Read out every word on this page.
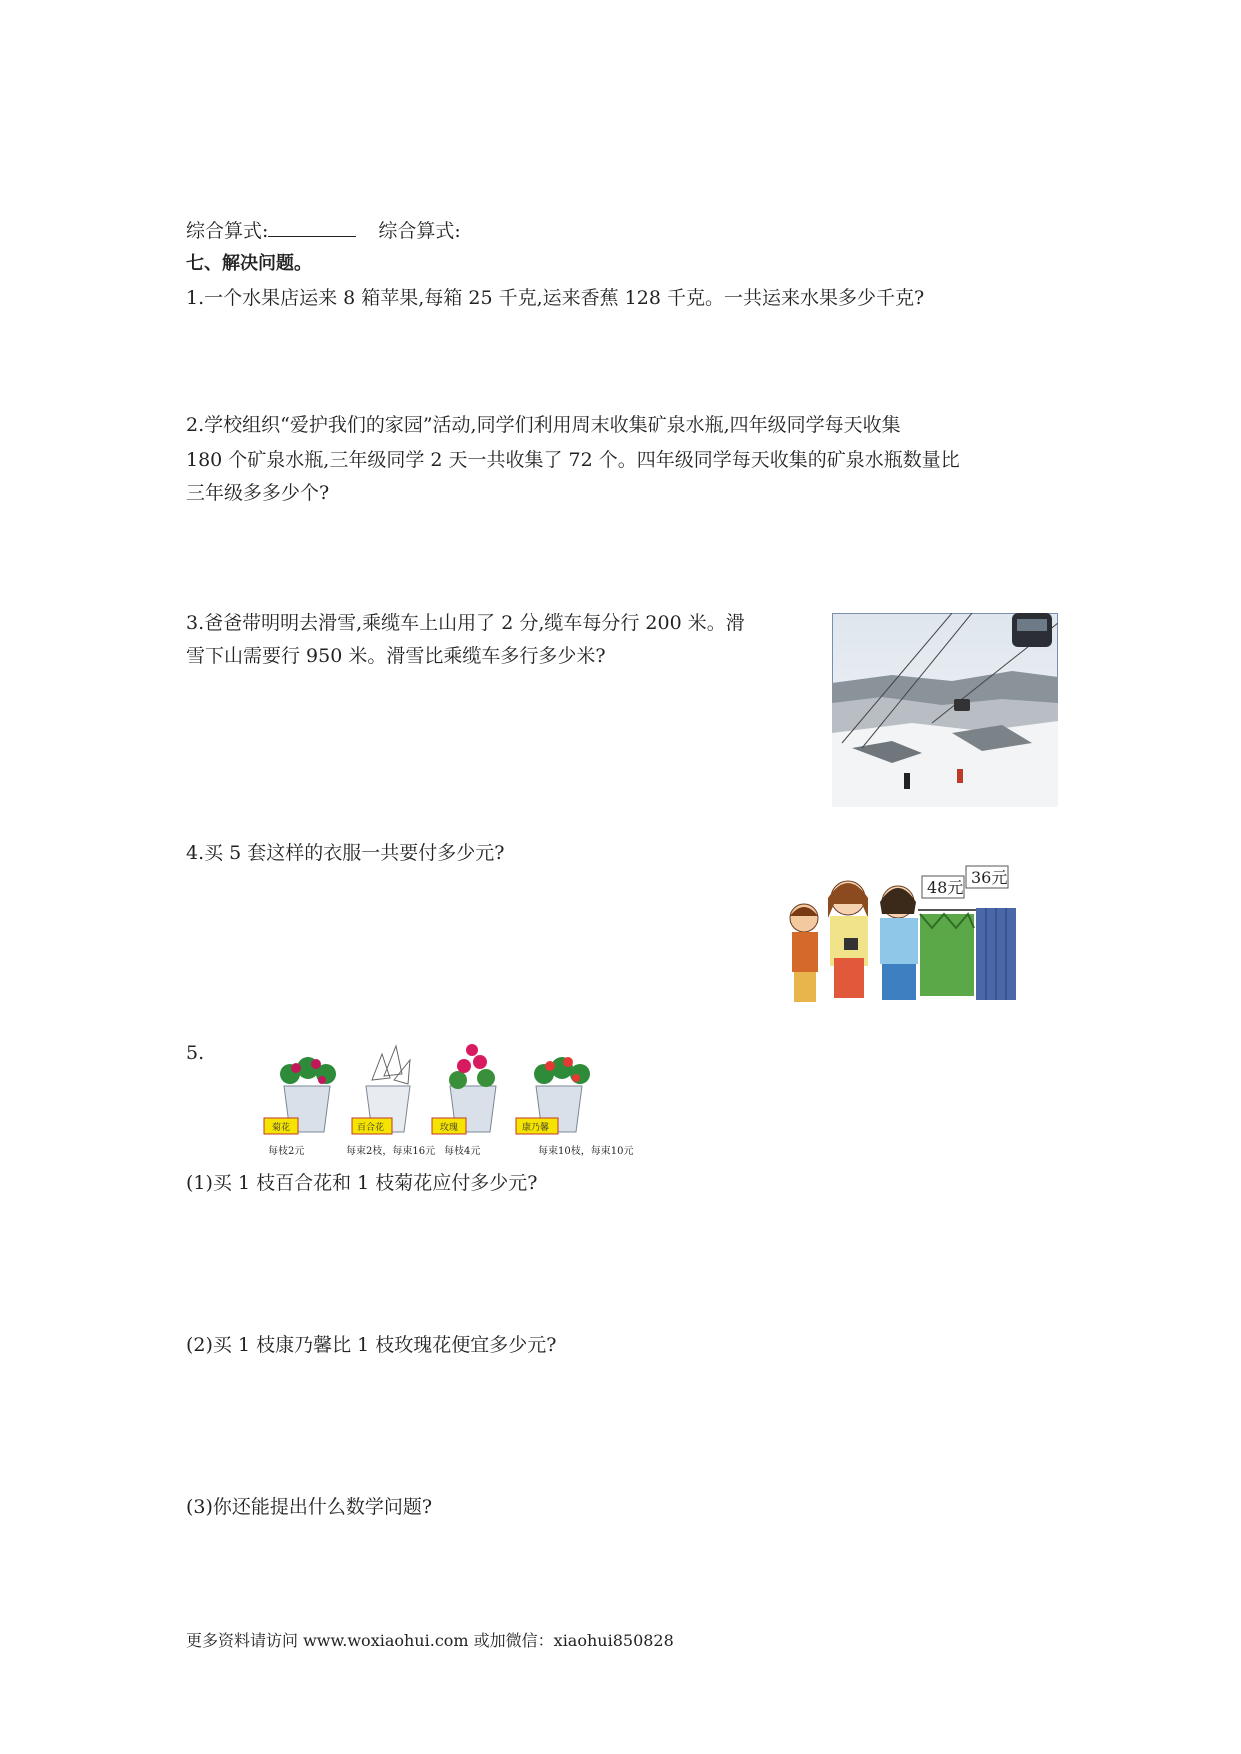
综合算式:	综合算式:
七、解决问题。
1.一个水果店运来 8 箱苹果,每箱 25 千克,运来香蕉 128 千克。一共运来水果多少千克?
2.学校组织“爱护我们的家园”活动,同学们利用周末收集矿泉水瓶,四年级同学每天收集
180 个矿泉水瓶,三年级同学 2 天一共收集了 72 个。四年级同学每天收集的矿泉水瓶数量比
三年级多多少个?
3.爸爸带明明去滑雪,乘缆车上山用了 2 分,缆车每分行 200 米。滑
雪下山需要行 950 米。滑雪比乘缆车多行多少米?
4.买 5 套这样的衣服一共要付多少元?
48元
36元
5.
菊花
每枝2元
百合花
每束2枝，每束16元
玫瑰
每枝4元
康乃馨
每束10枝，每束10元
(1)买 1 枝百合花和 1 枝菊花应付多少元?
(2)买 1 枝康乃馨比 1 枝玫瑰花便宜多少元?
(3)你还能提出什么数学问题?
更多资料请访问 www.woxiaohui.com 或加微信：xiaohui850828
